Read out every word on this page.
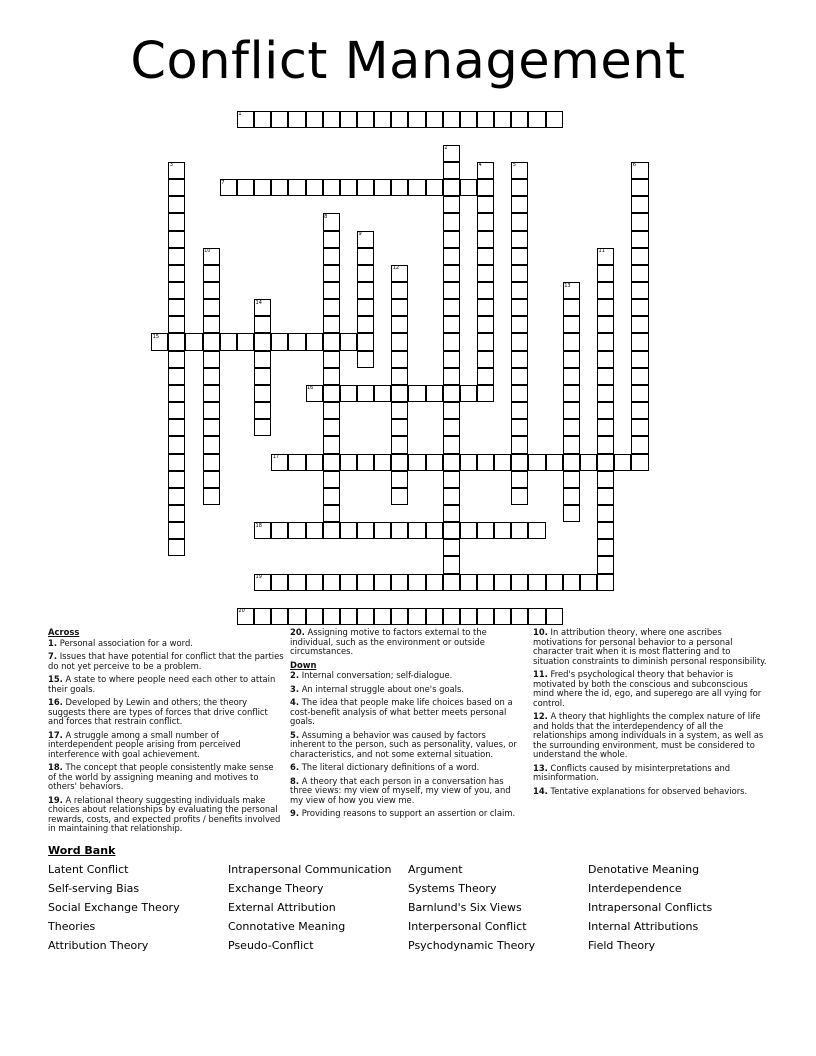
Conflict Management
1
2
3	4	5	6
7
8
9
10	11
12
13
14
15
16
17
18
19
20
Across
1. Personal association for a word.
7. Issues that have potential for conflict that the parties do not yet perceive to be a problem.
15. A state to where people need each other to attain their goals.
16. Developed by Lewin and others; the theory suggests there are types of forces that drive conflict and forces that restrain conflict.
17. A struggle among a small number of interdependent people arising from perceived interference with goal achievement.
18. The concept that people consistently make sense of the world by assigning meaning and motives to others' behaviors.
19. A relational theory suggesting individuals make choices about relationships by evaluating the personal rewards, costs, and expected profits / benefits involved in maintaining that relationship.
20. Assigning motive to factors external to the individual, such as the environment or outside circumstances.
Down
2. Internal conversation; self-dialogue.
3. An internal struggle about one's goals.
4. The idea that people make life choices based on a cost-benefit analysis of what better meets personal goals.
5. Assuming a behavior was caused by factors inherent to the person, such as personality, values, or characteristics, and not some external situation.
6. The literal dictionary definitions of a word.
8. A theory that each person in a conversation has three views: my view of myself, my view of you, and my view of how you view me.
9. Providing reasons to support an assertion or claim.
10. In attribution theory, where one ascribes motivations for personal behavior to a personal character trait when it is most flattering and to situation constraints to diminish personal responsibility.
11. Fred's psychological theory that behavior is motivated by both the conscious and subconscious mind where the id, ego, and superego are all vying for control.
12. A theory that highlights the complex nature of life and holds that the interdependency of all the relationships among individuals in a system, as well as the surrounding environment, must be considered to understand the whole.
13. Conflicts caused by misinterpretations and misinformation.
14. Tentative explanations for observed behaviors.
Word Bank
Latent Conflict	Intrapersonal Communication	Argument	Denotative Meaning
Self-serving Bias	Exchange Theory	Systems Theory	Interdependence
Social Exchange Theory	External Attribution	Barnlund's Six Views	Intrapersonal Conflicts
Theories	Connotative Meaning	Interpersonal Conflict	Internal Attributions
Attribution Theory	Pseudo-Conflict	Psychodynamic Theory	Field Theory
